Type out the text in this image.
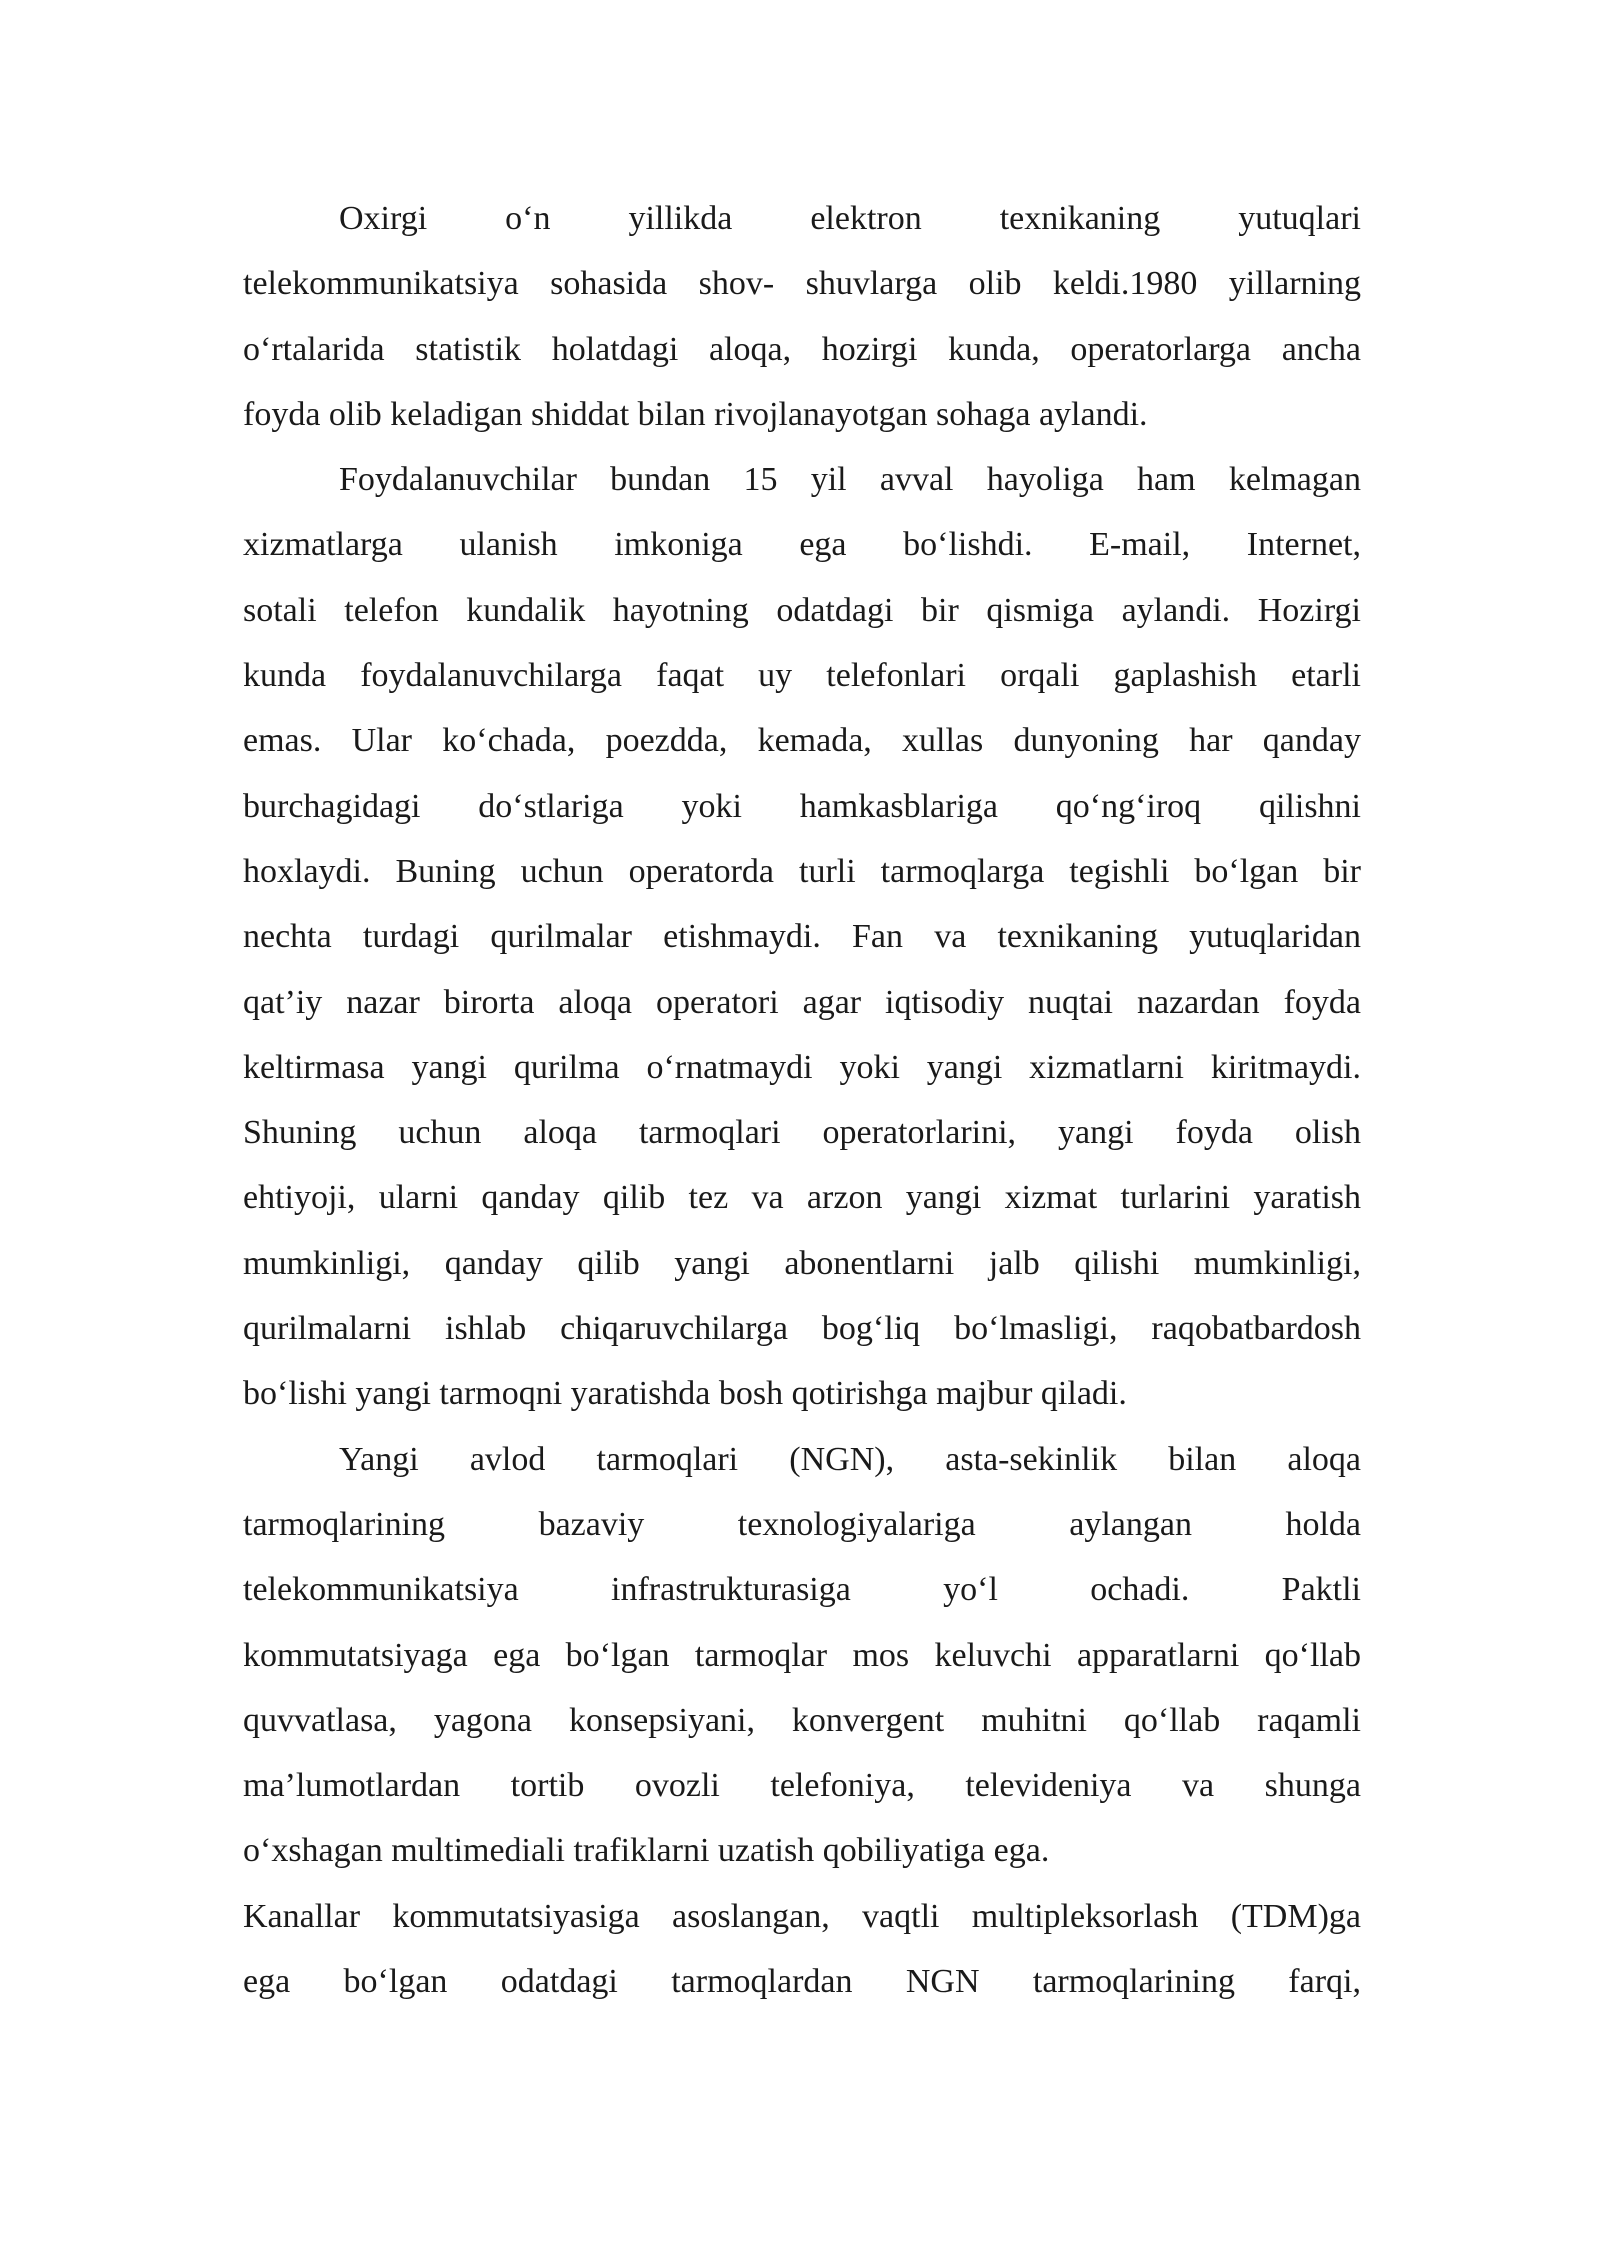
Oxirgi o‘n yillikda elektron texnikaning yutuqlari
telekommunikatsiya sohasida shov- shuvlarga olib keldi.1980 yillarning
o‘rtalarida statistik holatdagi aloqa, hozirgi kunda, operatorlarga ancha
foyda olib keladigan shiddat bilan rivojlanayotgan sohaga aylandi.
Foydalanuvchilar bundan 15 yil avval hayoliga ham kelmagan
xizmatlarga ulanish imkoniga ega bo‘lishdi. E-mail, Internet,
sotali telefon kundalik hayotning odatdagi bir qismiga aylandi. Hozirgi
kunda foydalanuvchilarga faqat uy telefonlari orqali gaplashish etarli
emas. Ular ko‘chada, poezdda, kemada, xullas dunyoning har qanday
burchagidagi do‘stlariga yoki hamkasblariga qo‘ng‘iroq qilishni
hoxlaydi. Buning uchun operatorda turli tarmoqlarga tegishli bo‘lgan bir
nechta turdagi qurilmalar etishmaydi. Fan va texnikaning yutuqlaridan
qat’iy nazar birorta aloqa operatori agar iqtisodiy nuqtai nazardan foyda
keltirmasa yangi qurilma o‘rnatmaydi yoki yangi xizmatlarni kiritmaydi.
Shuning uchun aloqa tarmoqlari operatorlarini, yangi foyda olish
ehtiyoji, ularni qanday qilib tez va arzon yangi xizmat turlarini yaratish
mumkinligi, qanday qilib yangi abonentlarni jalb qilishi mumkinligi,
qurilmalarni ishlab chiqaruvchilarga bog‘liq bo‘lmasligi, raqobatbardosh
bo‘lishi yangi tarmoqni yaratishda bosh qotirishga majbur qiladi.
Yangi avlod tarmoqlari (NGN), asta-sekinlik bilan aloqa
tarmoqlarining bazaviy texnologiyalariga aylangan holda
telekommunikatsiya infrastrukturasiga yo‘l ochadi. Paktli
kommutatsiyaga ega bo‘lgan tarmoqlar mos keluvchi apparatlarni qo‘llab
quvvatlasa, yagona konsepsiyani, konvergent muhitni qo‘llab raqamli
ma’lumotlardan tortib ovozli telefoniya, televideniya va shunga
o‘xshagan multimediali trafiklarni uzatish qobiliyatiga ega.
Kanallar kommutatsiyasiga asoslangan, vaqtli multipleksorlash (TDM)ga
ega bo‘lgan odatdagi tarmoqlardan NGN tarmoqlarining farqi,
